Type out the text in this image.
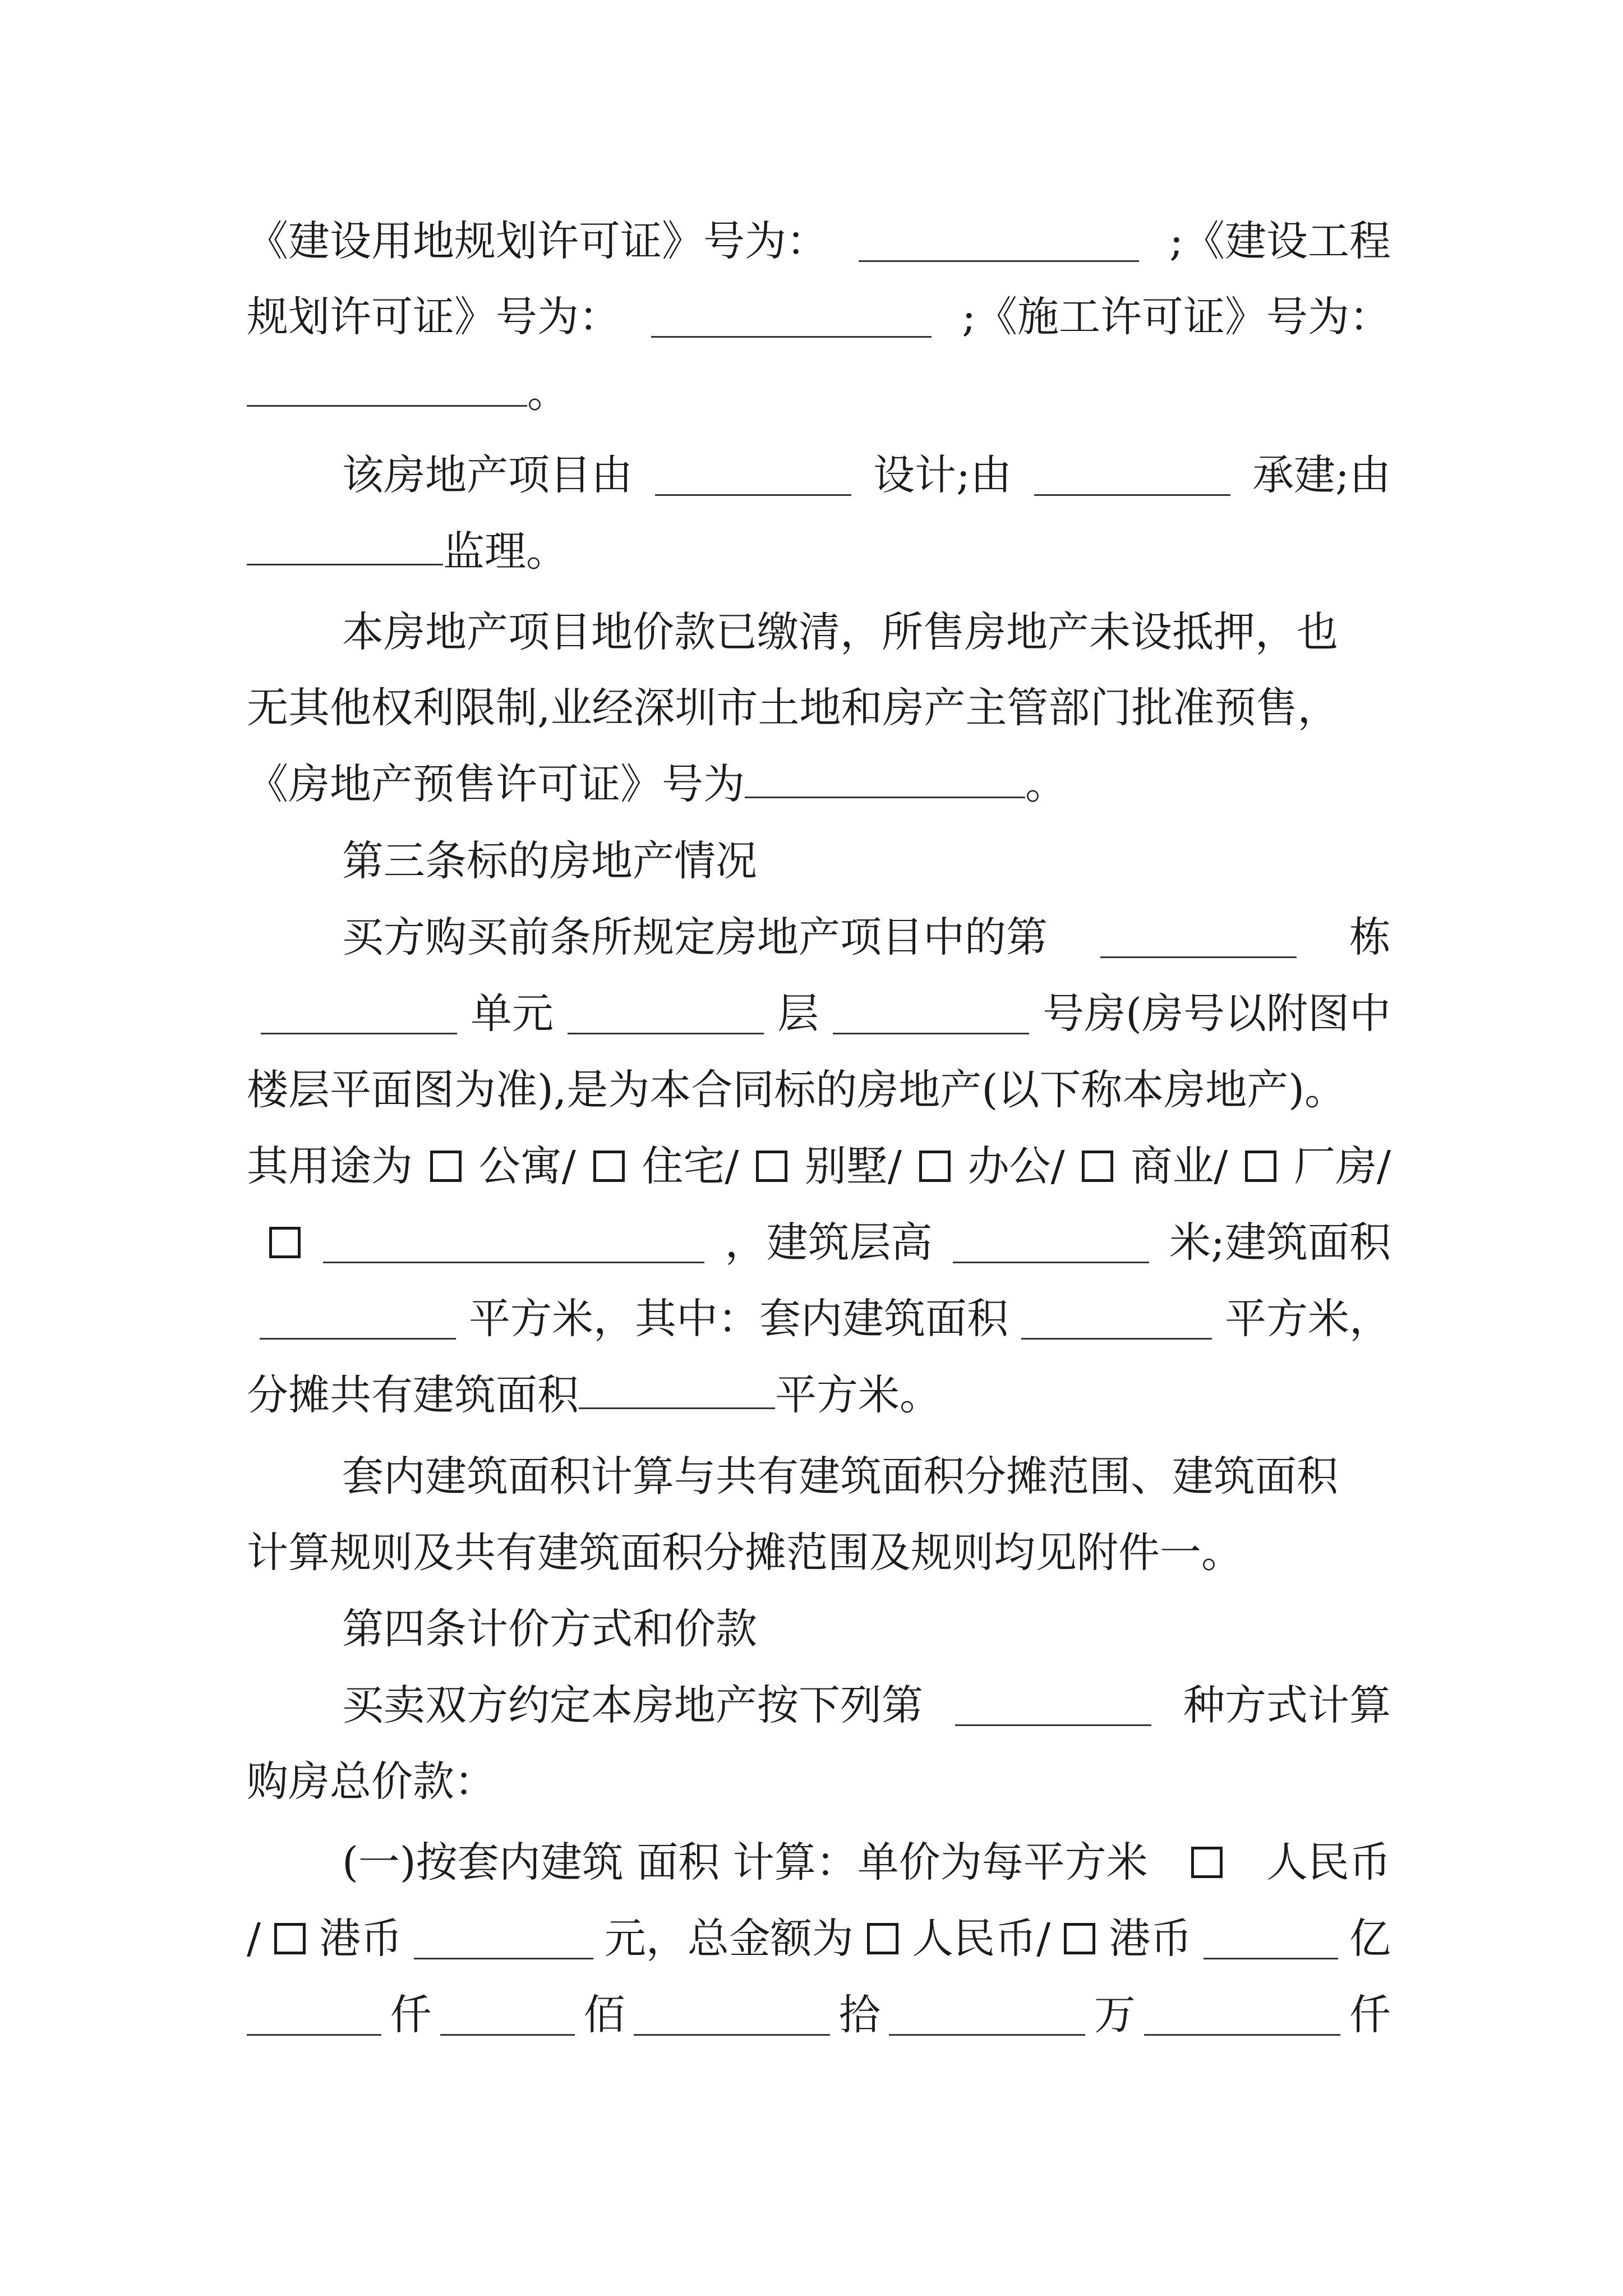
《建设用地规划许可证》号为：	;《建设工程
规划许可证》号为：	;《施工许可证》号为：
。
该房地产项目由	设计;由	承建;由
监理。
本房地产项目地价款已缴清，所售房地产未设抵押，也
无其他权利限制,业经深圳市土地和房产主管部门批准预售，
《房地产预售许可证》号为	。
第三条标的房地产情况
买方购买前条所规定房地产项目中的第	栋
单元	层	号房(房号以附图中
楼层平面图为准),是为本合同标的房地产(以下称本房地产)。
其用途为 公寓/ 住宅/ 别墅/ 办公/ 商业/ 厂房/
，建筑层高	米;建筑面积
平方米，其中：套内建筑面积	平方米，
分摊共有建筑面积	平方米。
套内建筑面积计算与共有建筑面积分摊范围、建筑面积
计算规则及共有建筑面积分摊范围及规则均见附件一。
第四条计价方式和价款
买卖双方约定本房地产按下列第	种方式计算
购房总价款：
(一)按套内建筑 面积 计算：单价为每平方米	人民币
/ 港币	元，总金额为 人民币/ 港币	亿
仟	佰	拾	万	仟
